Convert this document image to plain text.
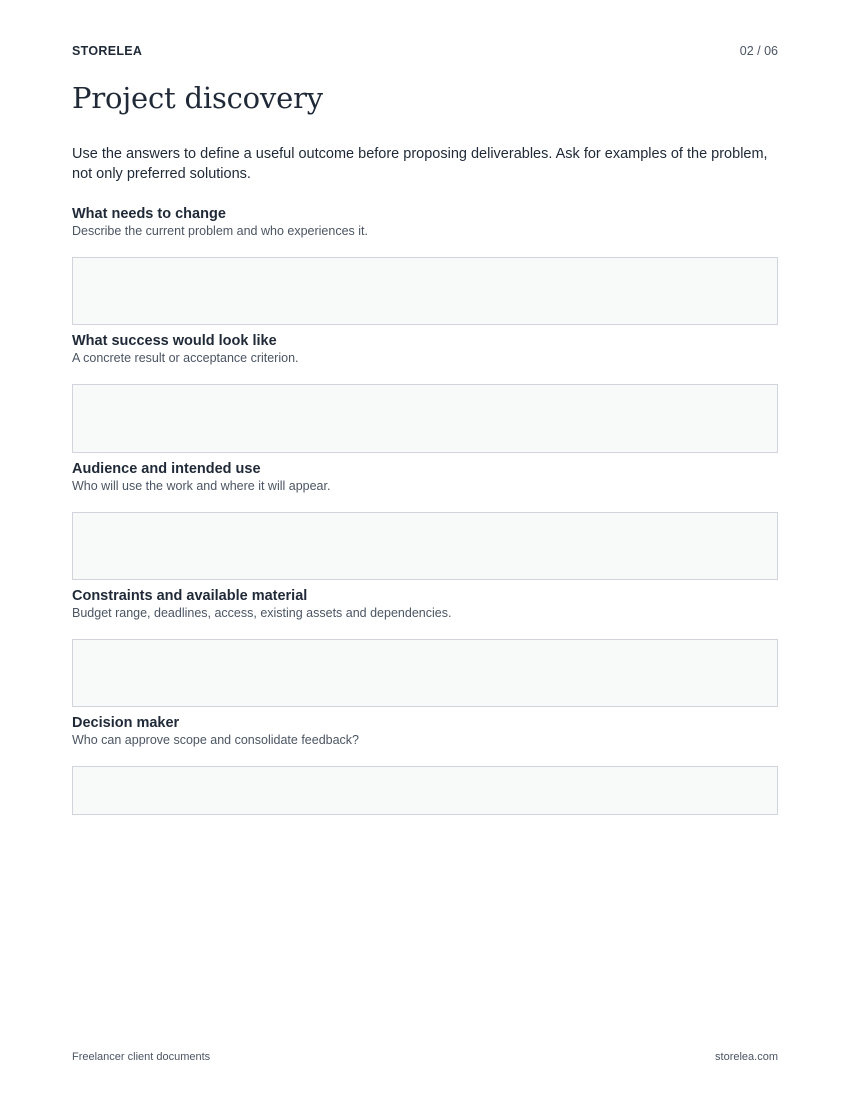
STORELEA	02 / 06
Project discovery

Use the answers to define a useful outcome before proposing deliverables. Ask for examples of the problem, not only preferred solutions.

What needs to change

Describe the current problem and who experiences it.

What success would look like

A concrete result or acceptance criterion.

Audience and intended use

Who will use the work and where it will appear.

Constraints and available material

Budget range, deadlines, access, existing assets and dependencies.

Decision maker

Who can approve scope and consolidate feedback?

Freelancer client documents	storelea.com
